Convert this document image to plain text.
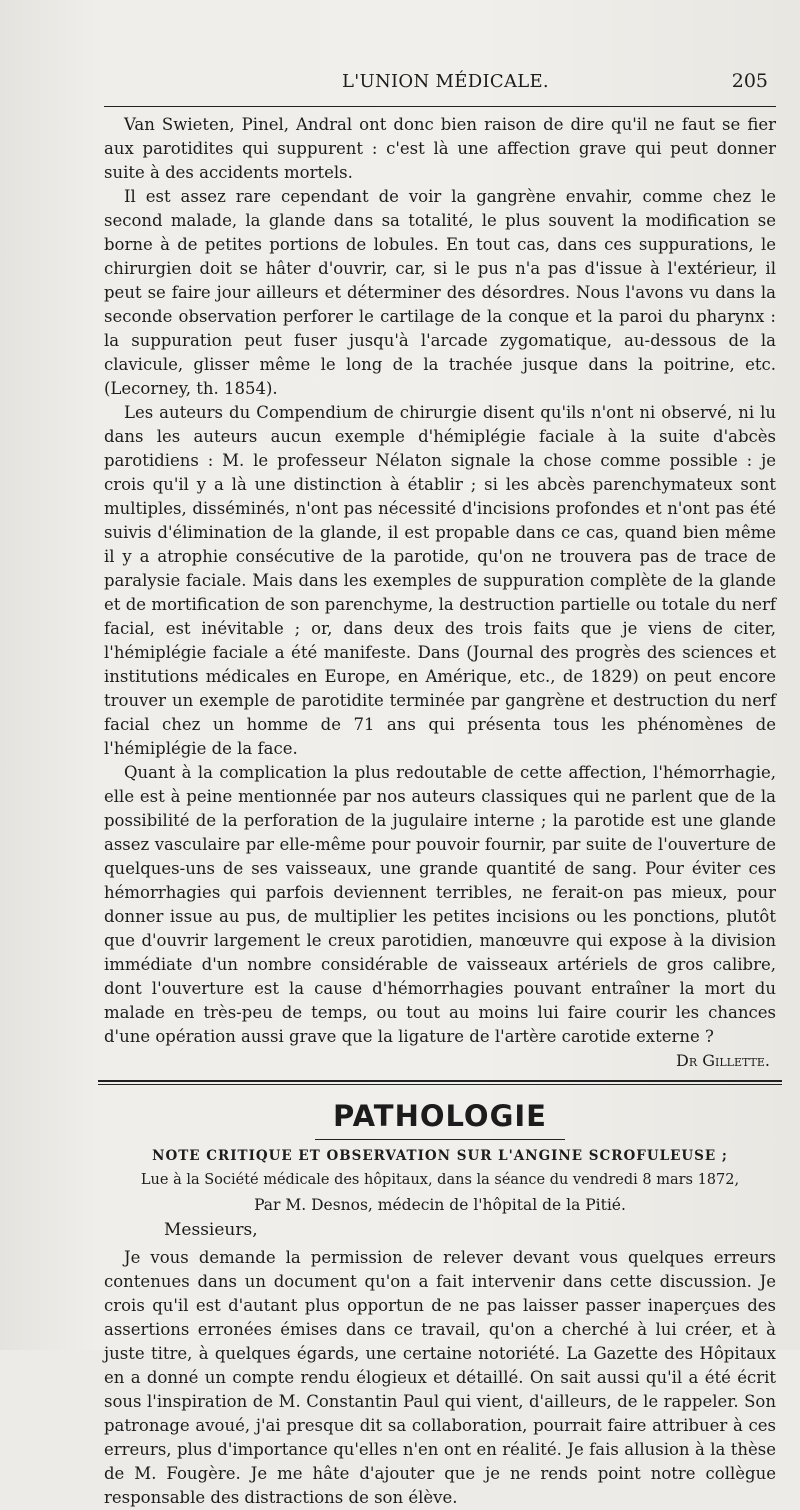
L'UNION MÉDICALE.	205

Van Swieten, Pinel, Andral ont donc bien raison de dire qu'il ne faut se fier aux parotidites qui suppurent : c'est là une affection grave qui peut donner suite à des accidents mortels.

Il est assez rare cependant de voir la gangrène envahir, comme chez le second malade, la glande dans sa totalité, le plus souvent la modification se borne à de petites portions de lobules. En tout cas, dans ces suppurations, le chirurgien doit se hâter d'ouvrir, car, si le pus n'a pas d'issue à l'extérieur, il peut se faire jour ailleurs et déterminer des désordres. Nous l'avons vu dans la seconde observation perforer le cartilage de la conque et la paroi du pharynx : la suppuration peut fuser jusqu'à l'arcade zygomatique, au-dessous de la clavicule, glisser même le long de la trachée jusque dans la poitrine, etc. (Lecorney, th. 1854).

Les auteurs du Compendium de chirurgie disent qu'ils n'ont ni observé, ni lu dans les auteurs aucun exemple d'hémiplégie faciale à la suite d'abcès parotidiens : M. le professeur Nélaton signale la chose comme possible : je crois qu'il y a là une distinction à établir ; si les abcès parenchymateux sont multiples, disséminés, n'ont pas nécessité d'incisions profondes et n'ont pas été suivis d'élimination de la glande, il est propable dans ce cas, quand bien même il y a atrophie consécutive de la parotide, qu'on ne trouvera pas de trace de paralysie faciale. Mais dans les exemples de suppuration complète de la glande et de mortification de son parenchyme, la destruction partielle ou totale du nerf facial, est inévitable ; or, dans deux des trois faits que je viens de citer, l'hémiplégie faciale a été manifeste. Dans (Journal des progrès des sciences et institutions médicales en Europe, en Amérique, etc., de 1829) on peut encore trouver un exemple de parotidite terminée par gangrène et destruction du nerf facial chez un homme de 71 ans qui présenta tous les phénomènes de l'hémiplégie de la face.

Quant à la complication la plus redoutable de cette affection, l'hémorrhagie, elle est à peine mentionnée par nos auteurs classiques qui ne parlent que de la possibilité de la perforation de la jugulaire interne ; la parotide est une glande assez vasculaire par elle-même pour pouvoir fournir, par suite de l'ouverture de quelques-uns de ses vaisseaux, une grande quantité de sang. Pour éviter ces hémorrhagies qui parfois deviennent terribles, ne ferait-on pas mieux, pour donner issue au pus, de multiplier les petites incisions ou les ponctions, plutôt que d'ouvrir largement le creux parotidien, manœuvre qui expose à la division immédiate d'un nombre considérable de vaisseaux artériels de gros calibre, dont l'ouverture est la cause d'hémorrhagies pouvant entraîner la mort du malade en très-peu de temps, ou tout au moins lui faire courir les chances d'une opération aussi grave que la ligature de l'artère carotide externe ?

Dr Gillette.
PATHOLOGIE
NOTE CRITIQUE ET OBSERVATION SUR L'ANGINE SCROFULEUSE ;
Lue à la Société médicale des hôpitaux, dans la séance du vendredi 8 mars 1872,
Par M. Desnos, médecin de l'hôpital de la Pitié.
Messieurs,

Je vous demande la permission de relever devant vous quelques erreurs contenues dans un document qu'on a fait intervenir dans cette discussion. Je crois qu'il est d'autant plus opportun de ne pas laisser passer inaperçues des assertions erronées émises dans ce travail, qu'on a cherché à lui créer, et à juste titre, à quelques égards, une certaine notoriété. La Gazette des Hôpitaux en a donné un compte rendu élogieux et détaillé. On sait aussi qu'il a été écrit sous l'inspiration de M. Constantin Paul qui vient, d'ailleurs, de le rappeler. Son patronage avoué, j'ai presque dit sa collaboration, pourrait faire attribuer à ces erreurs, plus d'importance qu'elles n'en ont en réalité. Je fais allusion à la thèse de M. Fougère. Je me hâte d'ajouter que je ne rends point notre collègue responsable des distractions de son élève.
